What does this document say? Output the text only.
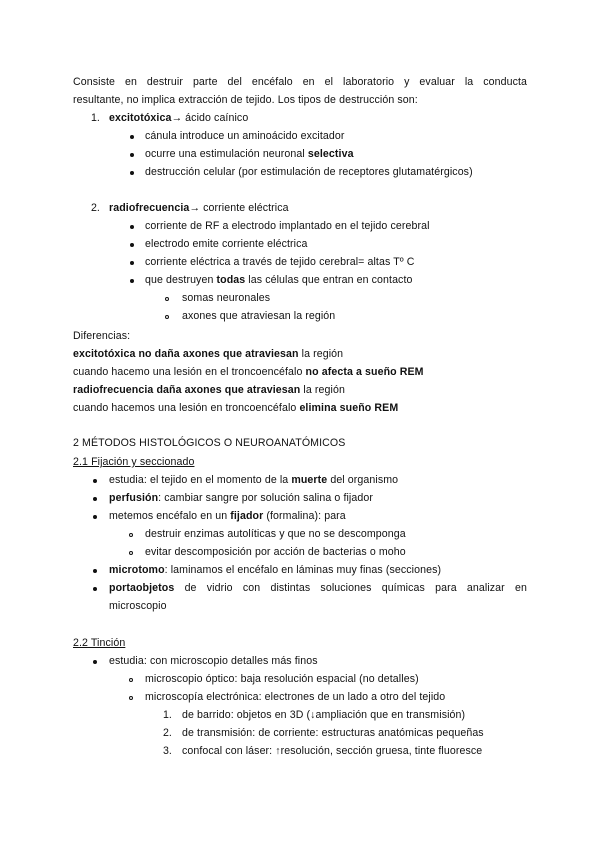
Consiste en destruir parte del encéfalo en el laboratorio y evaluar la conducta
resultante, no implica extracción de tejido. Los tipos de destrucción son:
1. excitotóxica→ ácido caínico
cánula introduce un aminoácido excitador
ocurre una estimulación neuronal selectiva
destrucción celular (por estimulación de receptores glutamatérgicos)
2. radiofrecuencia→ corriente eléctrica
corriente de RF a electrodo implantado en el tejido cerebral
electrodo emite corriente eléctrica
corriente eléctrica a través de tejido cerebral= altas Tº C
que destruyen todas las células que entran en contacto
somas neuronales
axones que atraviesan la región
Diferencias:
excitotóxica no daña axones que atraviesan la región
cuando hacemo una lesión en el troncoencéfalo no afecta a sueño REM
radiofrecuencia daña axones que atraviesan la región
cuando hacemos una lesión en troncoencéfalo elimina sueño REM
2 MÉTODOS HISTOLÓGICOS O NEUROANATÓMICOS
2.1 Fijación y seccionado
estudia: el tejido en el momento de la muerte del organismo
perfusión: cambiar sangre por solución salina o fijador
metemos encéfalo en un fijador (formalina): para
destruir enzimas autolíticas y que no se descomponga
evitar descomposición por acción de bacterias o moho
microtomo: laminamos el encéfalo en láminas muy finas (secciones)
portaobjetos de vidrio con distintas soluciones químicas para analizar en
microscopio
2.2 Tinción
estudia: con microscopio detalles más finos
microscopio óptico: baja resolución espacial (no detalles)
microscopía electrónica: electrones de un lado a otro del tejido
1. de barrido: objetos en 3D (↓ampliación que en transmisión)
2. de transmisión: de corriente: estructuras anatómicas pequeñas
3. confocal con láser: ↑resolución, sección gruesa, tinte fluoresce
